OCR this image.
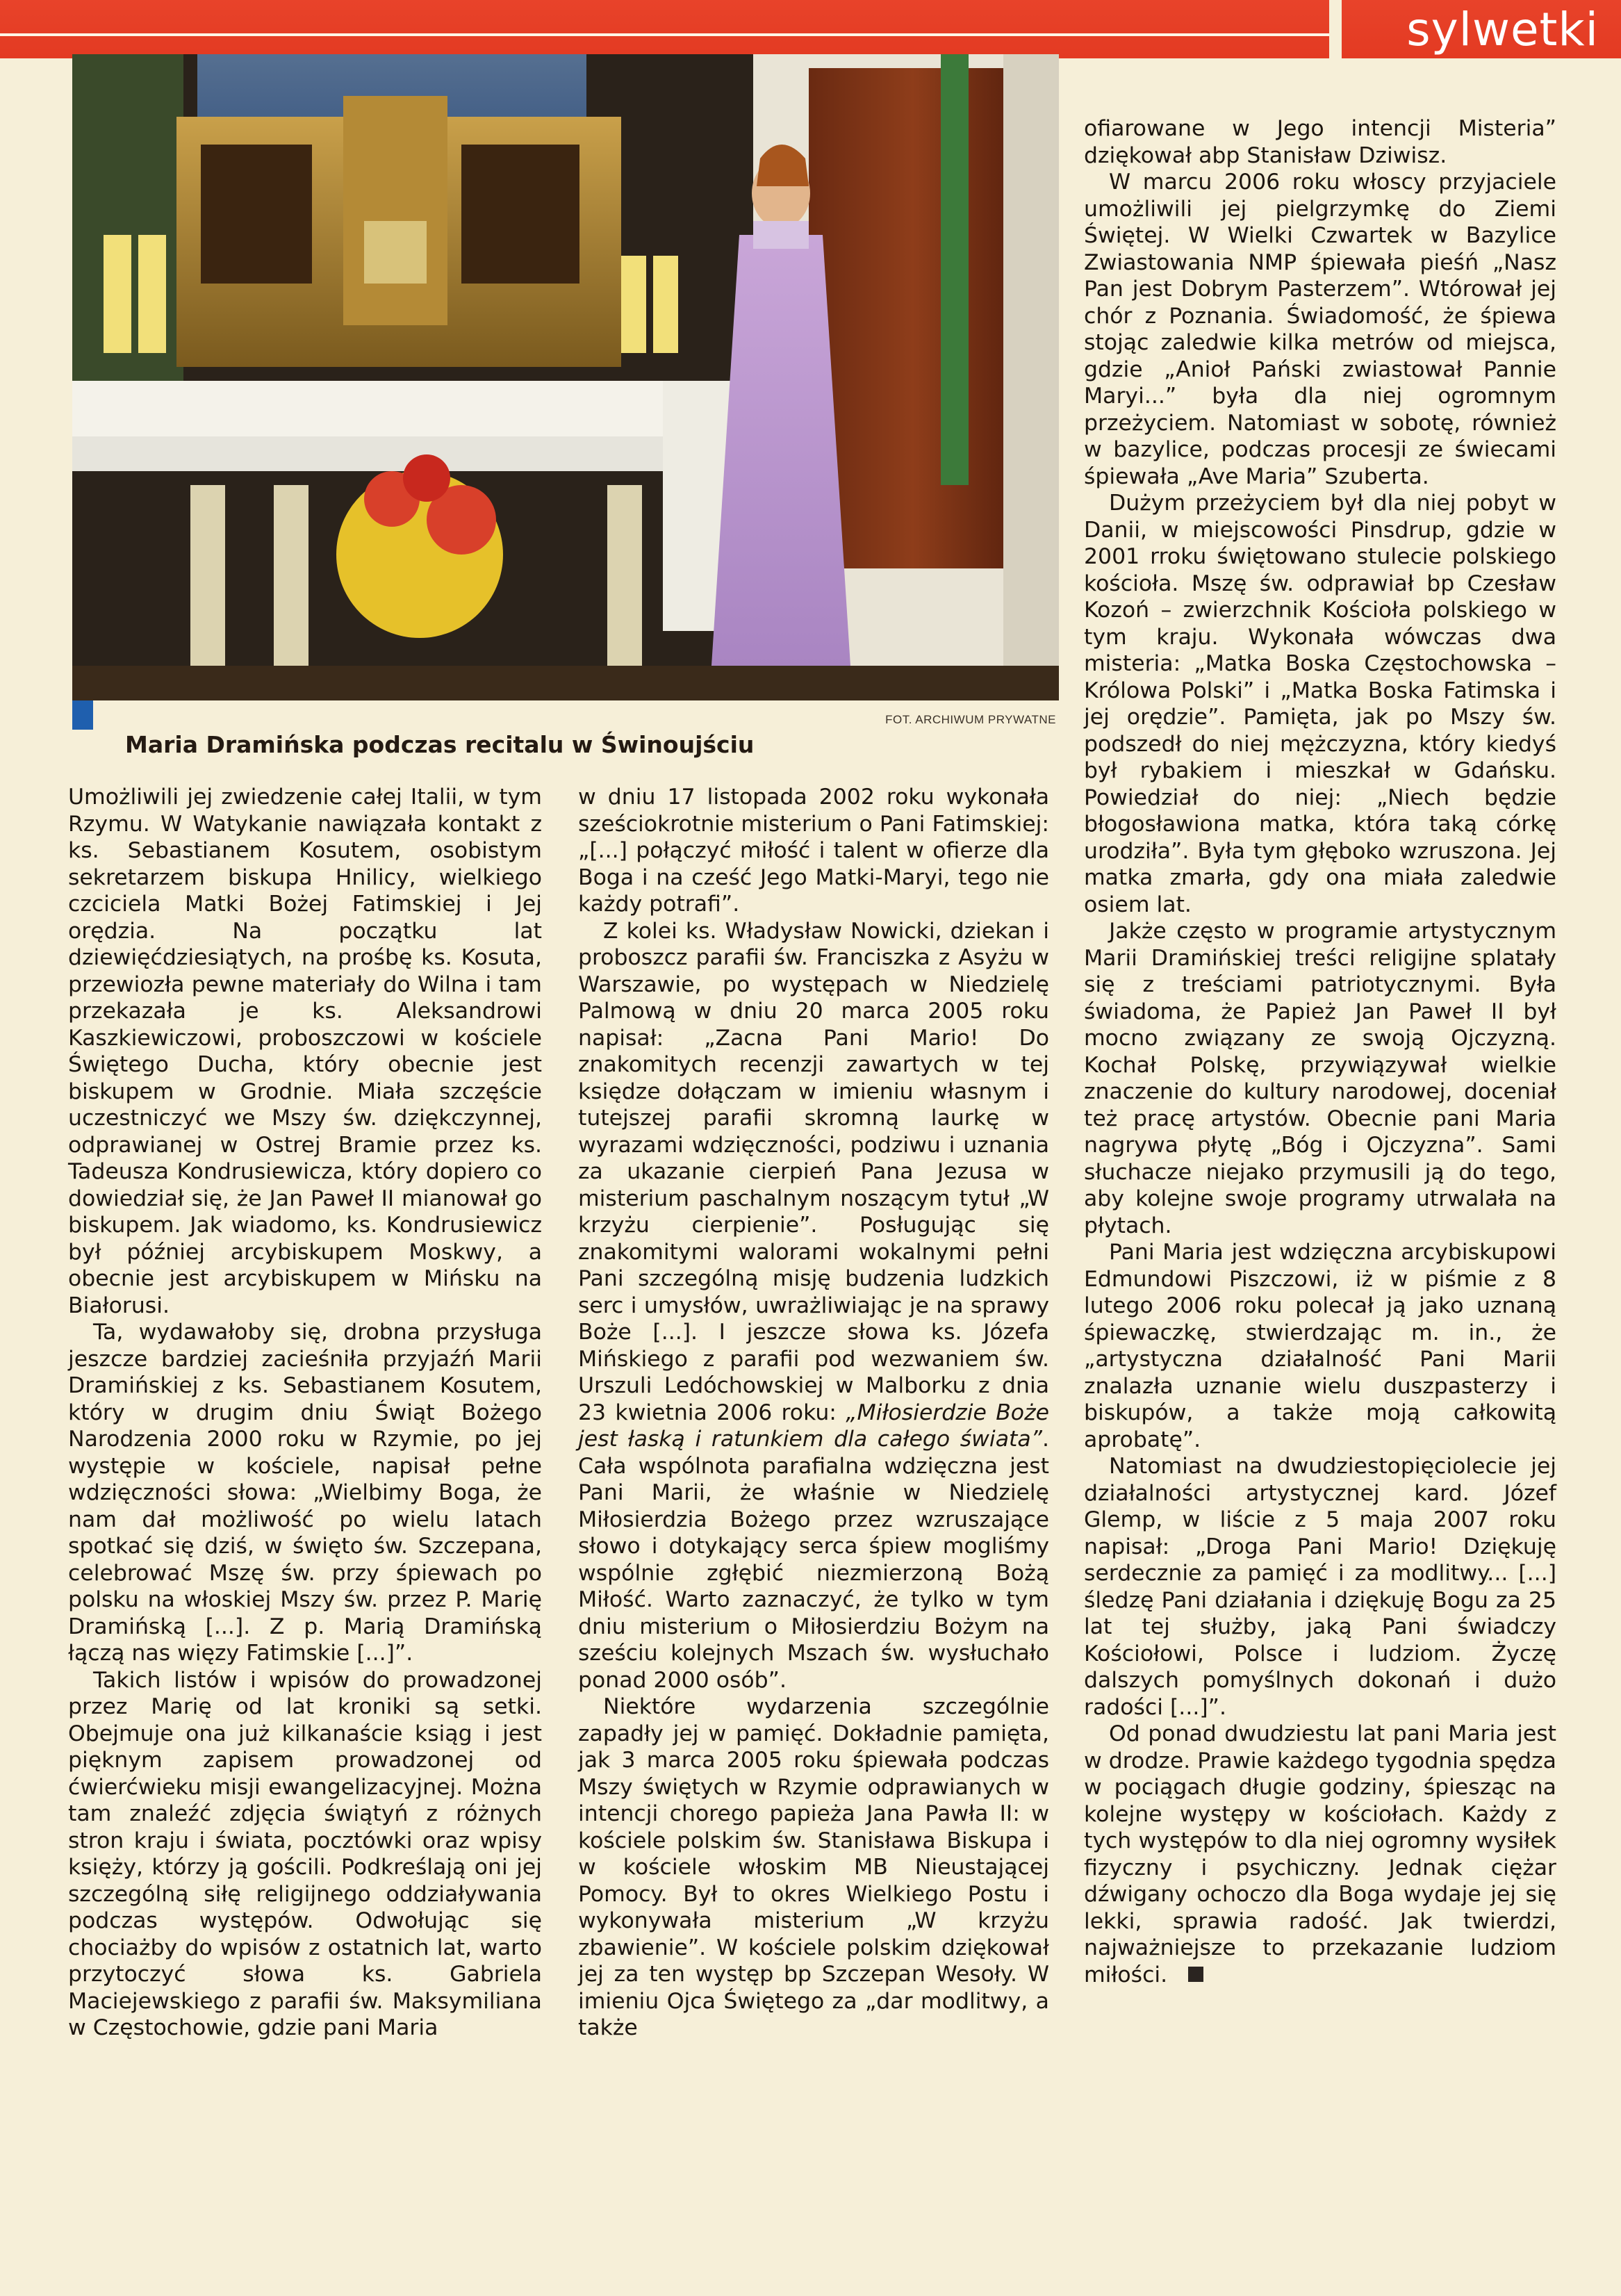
sylwetki
FOT. ARCHIWUM PRYWATNE
Maria Dramińska podczas recitalu w Świnoujściu

Umożliwili jej zwiedzenie całej Italii, w tym Rzymu. W Watykanie nawiązała kontakt z ks. Sebastianem Kosutem, osobistym sekretarzem biskupa Hnilicy, wielkiego czciciela Matki Bożej Fatimskiej i Jej orędzia. Na początku lat dziewięćdziesiątych, na prośbę ks. Kosuta, przewiozła pewne materiały do Wilna i tam przekazała je ks. Aleksandrowi Kaszkiewiczowi, proboszczowi w kościele Świętego Ducha, który obecnie jest biskupem w Grodnie. Miała szczęście uczestniczyć we Mszy św. dziękczynnej, odprawianej w Ostrej Bramie przez ks. Tadeusza Kondrusiewicza, który dopiero co dowiedział się, że Jan Paweł II mianował go biskupem. Jak wiadomo, ks. Kondrusiewicz był później arcybiskupem Moskwy, a obecnie jest arcybiskupem w Mińsku na Białorusi.

Ta, wydawałoby się, drobna przysługa jeszcze bardziej zacieśniła przyjaźń Marii Dramińskiej z ks. Sebastianem Kosutem, który w drugim dniu Świąt Bożego Narodzenia 2000 roku w Rzymie, po jej występie w kościele, napisał pełne wdzięczności słowa: „Wielbimy Boga, że nam dał możliwość po wielu latach spotkać się dziś, w święto św. Szczepana, celebrować Mszę św. przy śpiewach po polsku na włoskiej Mszy św. przez P. Marię Dramińską [...]. Z p. Marią Dramińską łączą nas więzy Fatimskie [...]”.

Takich listów i wpisów do prowadzonej przez Marię od lat kroniki są setki. Obejmuje ona już kilkanaście ksiąg i jest pięknym zapisem prowadzonej od ćwierćwieku misji ewangelizacyjnej. Można tam znaleźć zdjęcia świątyń z różnych stron kraju i świata, pocztówki oraz wpisy księży, którzy ją gościli. Podkreślają oni jej szczególną siłę religijnego oddziaływania podczas występów. Odwołując się chociażby do wpisów z ostatnich lat, warto przytoczyć słowa ks. Gabriela Maciejewskiego z parafii św. Maksymiliana w Częstochowie, gdzie pani Maria

w dniu 17 listopada 2002 roku wykonała sześciokrotnie misterium o Pani Fatimskiej: „[...] połączyć miłość i talent w ofierze dla Boga i na cześć Jego Matki-Maryi, tego nie każdy potrafi”.

Z kolei ks. Władysław Nowicki, dziekan i proboszcz parafii św. Franciszka z Asyżu w Warszawie, po występach w Niedzielę Palmową w dniu 20 marca 2005 roku napisał: „Zacna Pani Mario! Do znakomitych recenzji zawartych w tej księdze dołączam w imieniu własnym i tutejszej parafii skromną laurkę w wyrazami wdzięczności, podziwu i uznania za ukazanie cierpień Pana Jezusa w misterium paschalnym noszącym tytuł „W krzyżu cierpienie”. Posługując się znakomitymi walorami wokalnymi pełni Pani szczególną misję budzenia ludzkich serc i umysłów, uwrażliwiając je na sprawy Boże [...]. I jeszcze słowa ks. Józefa Mińskiego z parafii pod wezwaniem św. Urszuli Ledóchowskiej w Malborku z dnia 23 kwietnia 2006 roku: „Miłosierdzie Boże jest łaską i ratunkiem dla całego świata”. Cała wspólnota parafialna wdzięczna jest Pani Marii, że właśnie w Niedzielę Miłosierdzia Bożego przez wzruszające słowo i dotykający serca śpiew mogliśmy wspólnie zgłębić niezmierzoną Bożą Miłość. Warto zaznaczyć, że tylko w tym dniu misterium o Miłosierdziu Bożym na sześciu kolejnych Mszach św. wysłuchało ponad 2000 osób”.

Niektóre wydarzenia szczególnie zapadły jej w pamięć. Dokładnie pamięta, jak 3 marca 2005 roku śpiewała podczas Mszy świętych w Rzymie odprawianych w intencji chorego papieża Jana Pawła II: w kościele polskim św. Stanisława Biskupa i w kościele włoskim MB Nieustającej Pomocy. Był to okres Wielkiego Postu i wykonywała misterium „W krzyżu zbawienie”. W kościele polskim dziękował jej za ten występ bp Szczepan Wesoły. W imieniu Ojca Świętego za „dar modlitwy, a także

ofiarowane w Jego intencji Misteria” dziękował abp Stanisław Dziwisz.

W marcu 2006 roku włoscy przyjaciele umożliwili jej pielgrzymkę do Ziemi Świętej. W Wielki Czwartek w Bazylice Zwiastowania NMP śpiewała pieśń „Nasz Pan jest Dobrym Pasterzem”. Wtórował jej chór z Poznania. Świadomość, że śpiewa stojąc zaledwie kilka metrów od miejsca, gdzie „Anioł Pański zwiastował Pannie Maryi...” była dla niej ogromnym przeżyciem. Natomiast w sobotę, również w bazylice, podczas procesji ze świecami śpiewała „Ave Maria” Szuberta.

Dużym przeżyciem był dla niej pobyt w Danii, w miejscowości Pinsdrup, gdzie w 2001 rroku świętowano stulecie polskiego kościoła. Mszę św. odprawiał bp Czesław Kozoń – zwierzchnik Kościoła polskiego w tym kraju. Wykonała wówczas dwa misteria: „Matka Boska Częstochowska – Królowa Polski” i „Matka Boska Fatimska i jej orędzie”. Pamięta, jak po Mszy św. podszedł do niej mężczyzna, który kiedyś był rybakiem i mieszkał w Gdańsku. Powiedział do niej: „Niech będzie błogosławiona matka, która taką córkę urodziła”. Była tym głęboko wzruszona. Jej matka zmarła, gdy ona miała zaledwie osiem lat.

Jakże często w programie artystycznym Marii Dramińskiej treści religijne splatały się z treściami patriotycznymi. Była świadoma, że Papież Jan Paweł II był mocno związany ze swoją Ojczyzną. Kochał Polskę, przywiązywał wielkie znaczenie do kultury narodowej, doceniał też pracę artystów. Obecnie pani Maria nagrywa płytę „Bóg i Ojczyzna”. Sami słuchacze niejako przymusili ją do tego, aby kolejne swoje programy utrwalała na płytach.

Pani Maria jest wdzięczna arcybiskupowi Edmundowi Piszczowi, iż w piśmie z 8 lutego 2006 roku polecał ją jako uznaną śpiewaczkę, stwierdzając m. in., że „artystyczna działalność Pani Marii znalazła uznanie wielu duszpasterzy i biskupów, a także moją całkowitą aprobatę”.

Natomiast na dwudziestopięciolecie jej działalności artystycznej kard. Józef Glemp, w liście z 5 maja 2007 roku napisał: „Droga Pani Mario! Dziękuję serdecznie za pamięć i za modlitwy... [...] śledzę Pani działania i dziękuję Bogu za 25 lat tej służby, jaką Pani świadczy Kościołowi, Polsce i ludziom. Życzę dalszych pomyślnych dokonań i dużo radości [...]”.

Od ponad dwudziestu lat pani Maria jest w drodze. Prawie każdego tygodnia spędza w pociągach długie godziny, śpiesząc na kolejne występy w kościołach. Każdy z tych występów to dla niej ogromny wysiłek fizyczny i psychiczny. Jednak ciężar dźwigany ochoczo dla Boga wydaje jej się lekki, sprawia radość. Jak twierdzi, najważniejsze to przekazanie ludziom miłości.
